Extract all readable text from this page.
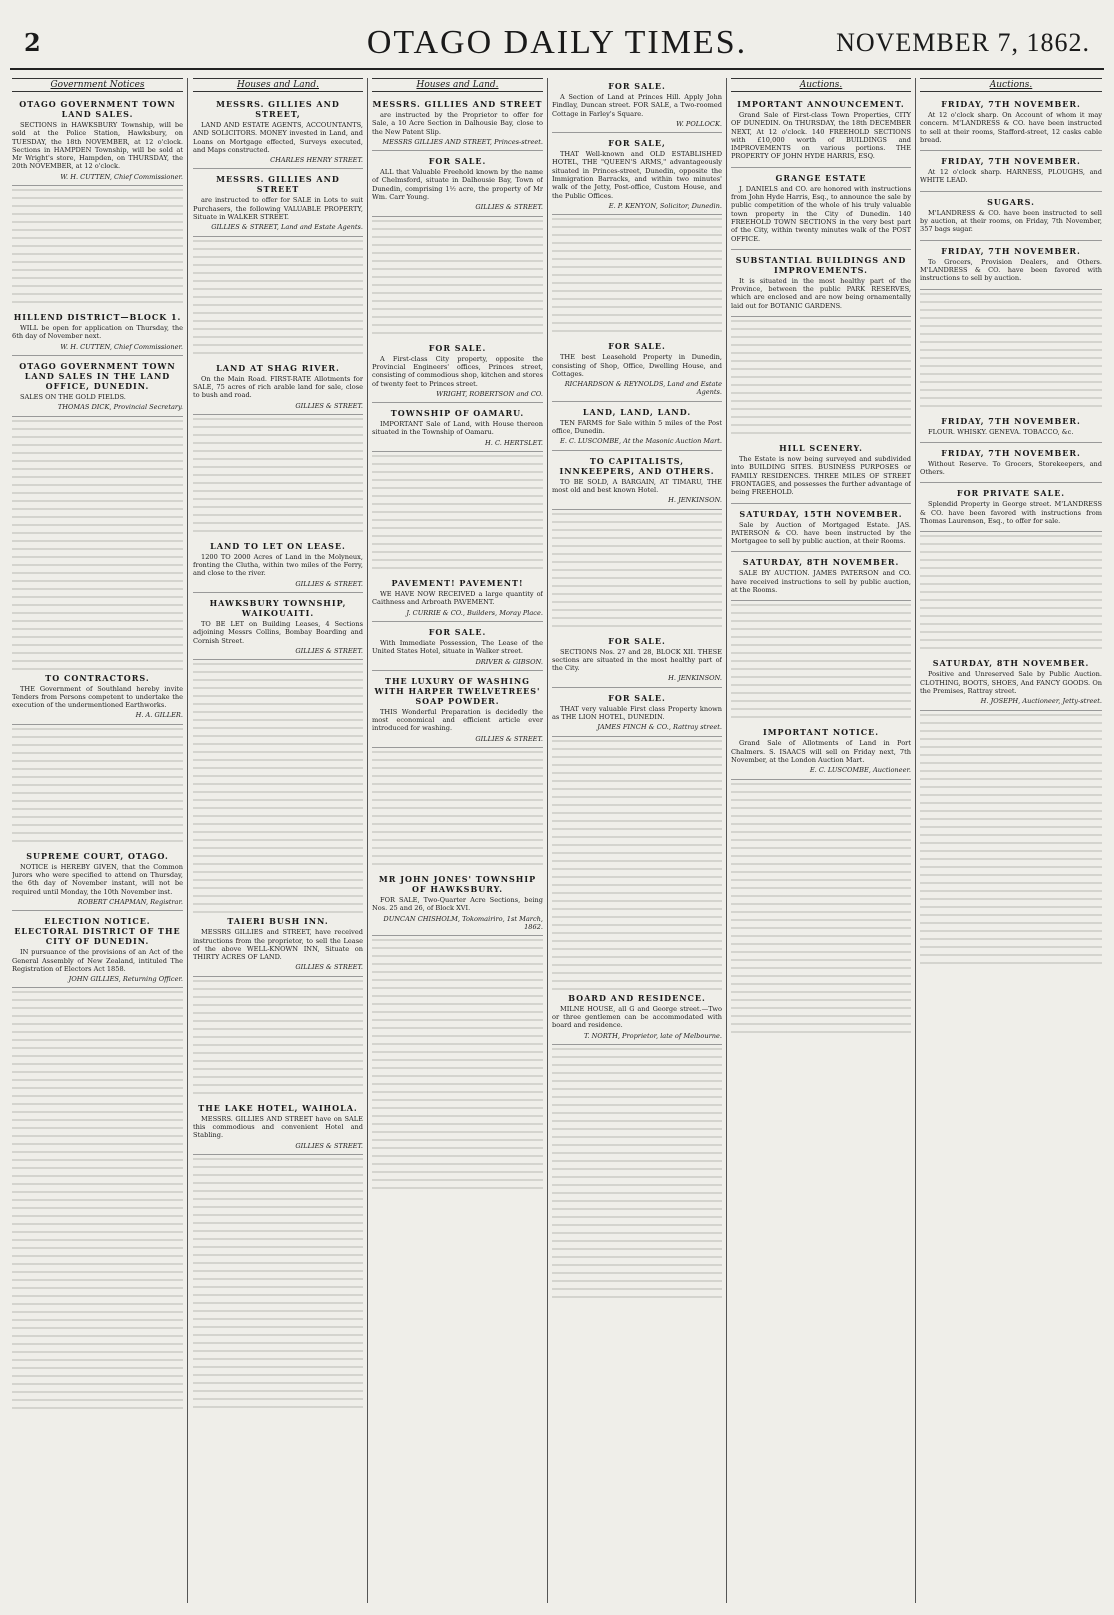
2	OTAGO DAILY TIMES.	NOVEMBER 7, 1862.
Government Notices
OTAGO GOVERNMENT TOWN LAND SALES.

SECTIONS in HAWKSBURY Township, will be sold at the Police Station, Hawksbury, on TUESDAY, the 18th NOVEMBER, at 12 o'clock. Sections in HAMPDEN Township, will be sold at Mr Wright's store, Hampden, on THURSDAY, the 20th NOVEMBER, at 12 o'clock.

W. H. CUTTEN, Chief Commissioner.
HILLEND DISTRICT—BLOCK 1.

WILL be open for application on Thursday, the 6th day of November next.

W. H. CUTTEN, Chief Commissioner.
OTAGO GOVERNMENT TOWN LAND SALES IN THE LAND OFFICE, DUNEDIN.

SALES ON THE GOLD FIELDS.

THOMAS DICK, Provincial Secretary.
TO CONTRACTORS.

THE Government of Southland hereby invite Tenders from Persons competent to undertake the execution of the undermentioned Earthworks.

H. A. GILLER.
SUPREME COURT, OTAGO.

NOTICE is HEREBY GIVEN, that the Common Jurors who were specified to attend on Thursday, the 6th day of November instant, will not be required until Monday, the 10th November inst.

ROBERT CHAPMAN, Registrar.
ELECTION NOTICE. ELECTORAL DISTRICT OF THE CITY OF DUNEDIN.

IN pursuance of the provisions of an Act of the General Assembly of New Zealand, intituled The Registration of Electors Act 1858.

JOHN GILLIES, Returning Officer.
Houses and Land.
MESSRS. GILLIES AND STREET,

LAND AND ESTATE AGENTS, ACCOUNTANTS, AND SOLICITORS. MONEY invested in Land, and Loans on Mortgage effected, Surveys executed, and Maps constructed.

CHARLES HENRY STREET.
MESSRS. GILLIES AND STREET

are instructed to offer for SALE in Lots to suit Purchasers, the following VALUABLE PROPERTY, Situate in WALKER STREET.

GILLIES & STREET, Land and Estate Agents.
LAND AT SHAG RIVER.

On the Main Road. FIRST-RATE Allotments for SALE, 75 acres of rich arable land for sale, close to bush and road.

GILLIES & STREET.
LAND TO LET ON LEASE.

1200 TO 2000 Acres of Land in the Molyneux, fronting the Clutha, within two miles of the Ferry, and close to the river.

GILLIES & STREET.
HAWKSBURY TOWNSHIP, WAIKOUAITI.

TO BE LET on Building Leases, 4 Sections adjoining Messrs Collins, Bombay Boarding and Cornish Street.

GILLIES & STREET.
TAIERI BUSH INN.

MESSRS GILLIES and STREET, have received instructions from the proprietor, to sell the Lease of the above WELL-KNOWN INN, Situate on THIRTY ACRES OF LAND.

GILLIES & STREET.
THE LAKE HOTEL, WAIHOLA.

MESSRS. GILLIES AND STREET have on SALE this commodious and convenient Hotel and Stabling.

GILLIES & STREET.
Houses and Land.
MESSRS. GILLIES AND STREET

are instructed by the Proprietor to offer for Sale, a 10 Acre Section in Dalhousie Bay, close to the New Patent Slip.

MESSRS GILLIES AND STREET, Princes-street.
FOR SALE.

ALL that Valuable Freehold known by the name of Chelmsford, situate in Dalhousie Bay, Town of Dunedin, comprising 1½ acre, the property of Mr Wm. Carr Young.

GILLIES & STREET.
FOR SALE.

A First-class City property, opposite the Provincial Engineers' offices, Princes street, consisting of commodious shop, kitchen and stores of twenty feet to Princes street.

WRIGHT, ROBERTSON and CO.
TOWNSHIP OF OAMARU.

IMPORTANT Sale of Land, with House thereon situated in the Township of Oamaru.

H. C. HERTSLET.
PAVEMENT! PAVEMENT!

WE HAVE NOW RECEIVED a large quantity of Caithness and Arbroath PAVEMENT.

J. CURRIE & CO., Builders, Moray Place.
FOR SALE.

With Immediate Possession, The Lease of the United States Hotel, situate in Walker street.

DRIVER & GIBSON.
THE LUXURY OF WASHING WITH HARPER TWELVETREES' SOAP POWDER.

THIS Wonderful Preparation is decidedly the most economical and efficient article ever introduced for washing.

GILLIES & STREET.
MR JOHN JONES' TOWNSHIP OF HAWKSBURY.

FOR SALE, Two-Quarter Acre Sections, being Nos. 25 and 26, of Block XVI.

DUNCAN CHISHOLM, Tokomairiro, 1st March, 1862.
FOR SALE.

A Section of Land at Princes Hill. Apply John Findlay, Duncan street. FOR SALE, a Two-roomed Cottage in Farley's Square.

W. POLLOCK.
FOR SALE,

THAT Well-known and OLD ESTABLISHED HOTEL, THE "QUEEN'S ARMS," advantageously situated in Princes-street, Dunedin, opposite the Immigration Barracks, and within two minutes' walk of the Jetty, Post-office, Custom House, and the Public Offices.

E. P. KENYON, Solicitor, Dunedin.
FOR SALE.

THE best Leasehold Property in Dunedin, consisting of Shop, Office, Dwelling House, and Cottages.

RICHARDSON & REYNOLDS, Land and Estate Agents.
LAND, LAND, LAND.

TEN FARMS for Sale within 5 miles of the Post office, Dunedin.

E. C. LUSCOMBE, At the Masonic Auction Mart.
TO CAPITALISTS, INNKEEPERS, AND OTHERS.

TO BE SOLD, A BARGAIN, AT TIMARU, THE most old and best known Hotel.

H. JENKINSON.
FOR SALE.

SECTIONS Nos. 27 and 28, BLOCK XII. THESE sections are situated in the most healthy part of the City.

H. JENKINSON.
FOR SALE.

THAT very valuable First class Property known as THE LION HOTEL, DUNEDIN.

JAMES FINCH & CO., Rattray street.
BOARD AND RESIDENCE.

MILNE HOUSE, all G and George street.—Two or three gentlemen can be accommodated with board and residence.

T. NORTH, Proprietor, late of Melbourne.
Auctions.
IMPORTANT ANNOUNCEMENT.

Grand Sale of First-class Town Properties, CITY OF DUNEDIN. On THURSDAY, the 18th DECEMBER NEXT, At 12 o'clock. 140 FREEHOLD SECTIONS with £10,000 worth of BUILDINGS and IMPROVEMENTS on various portions. THE PROPERTY OF JOHN HYDE HARRIS, ESQ.

GRANGE ESTATE

J. DANIELS and CO. are honored with instructions from John Hyde Harris, Esq., to announce the sale by public competition of the whole of his truly valuable town property in the City of Dunedin. 140 FREEHOLD TOWN SECTIONS in the very best part of the City, within twenty minutes walk of the POST OFFICE.

SUBSTANTIAL BUILDINGS AND IMPROVEMENTS.

It is situated in the most healthy part of the Province, between the public PARK RESERVES, which are enclosed and are now being ornamentally laid out for BOTANIC GARDENS.

HILL SCENERY.

The Estate is now being surveyed and subdivided into BUILDING SITES. BUSINESS PURPOSES or FAMILY RESIDENCES. THREE MILES OF STREET FRONTAGES, and possesses the further advantage of being FREEHOLD.

SATURDAY, 15TH NOVEMBER.

Sale by Auction of Mortgaged Estate. JAS. PATERSON & CO. have been instructed by the Mortgagee to sell by public auction, at their Rooms.

SATURDAY, 8TH NOVEMBER.

SALE BY AUCTION. JAMES PATERSON and CO. have received instructions to sell by public auction, at the Rooms.

IMPORTANT NOTICE.

Grand Sale of Allotments of Land in Port Chalmers. S. ISAACS will sell on Friday next, 7th November, at the London Auction Mart.

E. C. LUSCOMBE, Auctioneer.
Auctions.
FRIDAY, 7TH NOVEMBER.

At 12 o'clock sharp. On Account of whom it may concern. M'LANDRESS & CO. have been instructed to sell at their rooms, Stafford-street, 12 casks cable bread.

FRIDAY, 7TH NOVEMBER.

At 12 o'clock sharp. HARNESS, PLOUGHS, and WHITE LEAD.

SUGARS.

M'LANDRESS & CO. have been instructed to sell by auction, at their rooms, on Friday, 7th November, 357 bags sugar.

FRIDAY, 7TH NOVEMBER.

To Grocers, Provision Dealers, and Others. M'LANDRESS & CO. have been favored with instructions to sell by auction.

FRIDAY, 7TH NOVEMBER.

FLOUR. WHISKY. GENEVA. TOBACCO, &c.

FRIDAY, 7TH NOVEMBER.

Without Reserve. To Grocers, Storekeepers, and Others.

FOR PRIVATE SALE.

Splendid Property in George street. M'LANDRESS & CO. have been favored with instructions from Thomas Laurenson, Esq., to offer for sale.

SATURDAY, 8TH NOVEMBER.

Positive and Unreserved Sale by Public Auction. CLOTHING, BOOTS, SHOES, And FANCY GOODS. On the Premises, Rattray street.

H. JOSEPH, Auctioneer, Jetty-street.
